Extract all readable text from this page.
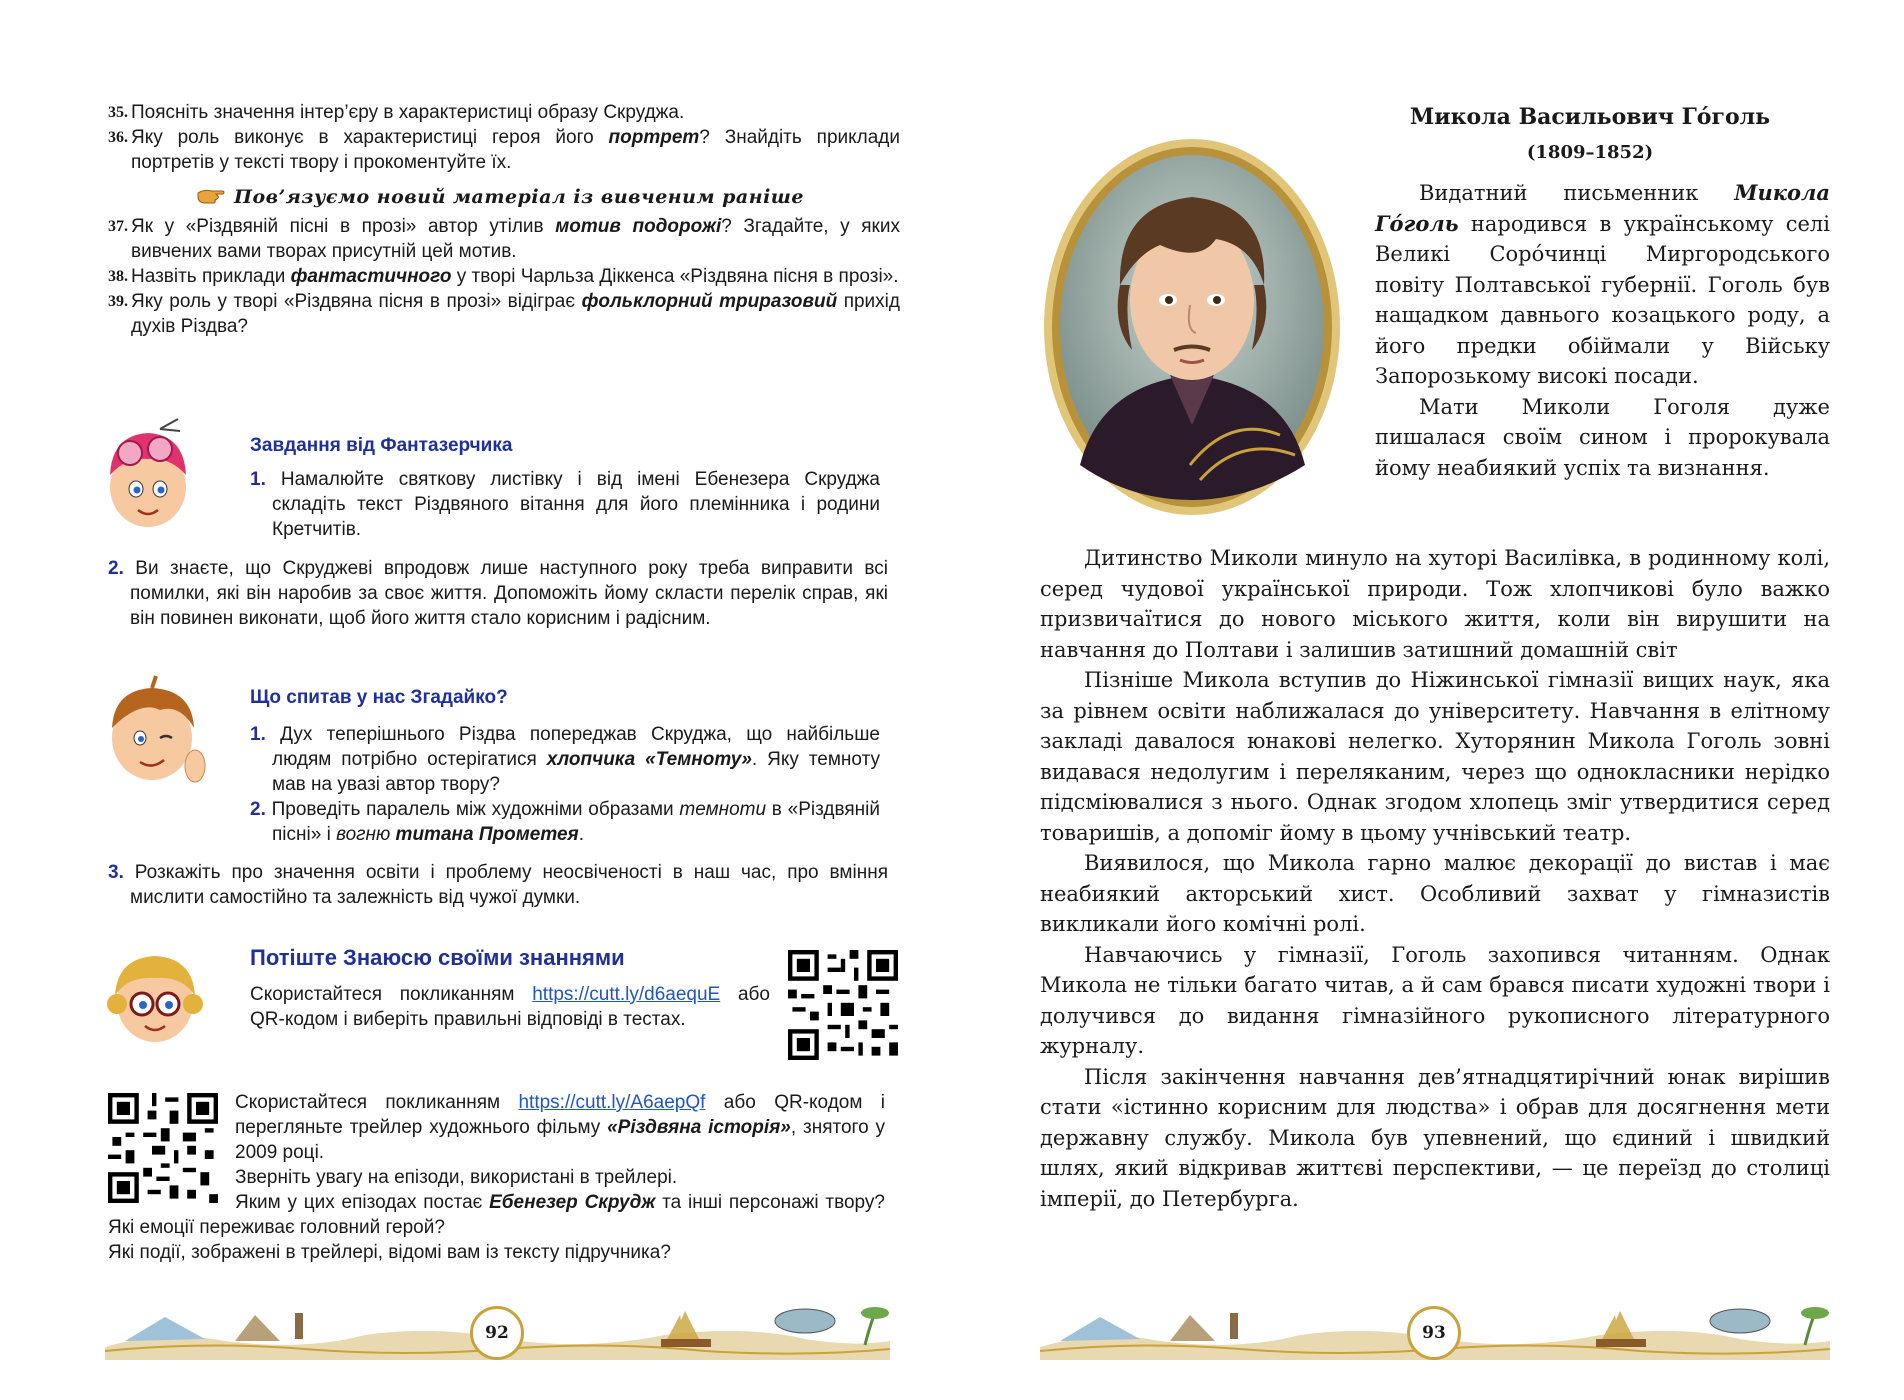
35. Поясніть значення інтер’єру в характеристиці образу Скруджа.
36. Яку роль виконує в характеристиці героя його портрет? Знайдіть приклади портретів у тексті твору і прокоментуйте їх.
Пов’язуємо новий матеріал із вивченим раніше
37. Як у «Різдвяній пісні в прозі» автор утілив мотив подорожі? Згадайте, у яких вивчених вами творах присутній цей мотив.
38. Назвіть приклади фантастичного у творі Чарльза Діккенса «Різдвяна пісня в прозі».
39. Яку роль у творі «Різдвяна пісня в прозі» відіграє фольклорний триразовий прихід духів Різдва?
Завдання від Фантазерчика
1. Намалюйте святкову листівку і від імені Ебенезера Скруджа складіть текст Різдвяного вітання для його племінника і родини Кретчитів.
2. Ви знаєте, що Скруджеві впродовж лише наступного року треба виправити всі помилки, які він наробив за своє життя. Допоможіть йому скласти перелік справ, які він повинен виконати, щоб його життя стало корисним і радісним.
Що спитав у нас Згадайко?
1. Дух теперішнього Різдва попереджав Скруджа, що найбільше людям потрібно остерігатися хлопчика «Темноту». Яку темноту мав на увазі автор твору?
2. Проведіть паралель між художніми образами темноти в «Різдвяній пісні» і вогню титана Прометея.
3. Розкажіть про значення освіти і проблему неосвіченості в наш час, про вміння мислити самостійно та залежність від чужої думки.
Потіште Знаюсю своїми знаннями
Скористайтеся покликанням https://cutt.ly/d6aequE або QR-кодом і виберіть правильні відповіді в тестах.
Скористайтеся покликанням https://cutt.ly/A6aepQf або QR-кодом і перегляньте трейлер художнього фільму «Різдвяна історія», знятого у 2009 році.
Зверніть увагу на епізоди, використані в трейлері.
Яким у цих епізодах постає Ебенезер Скрудж та інші персонажі твору? Які емоції переживає головний герой?
Які події, зображені в трейлері, відомі вам із тексту підручника?
92
Микола Васильович Гóголь
(1809–1852)

Видатний письменник Микола Гóголь народився в українському селі Великі Сорóчинці Миргородського повіту Полтавської губернії. Гоголь був нащадком давнього козацького роду, а його предки обіймали у Війську Запорозькому високі посади.

Мати Миколи Гоголя дуже пишалася своїм сином і пророкувала йому неабиякий успіх та визнання.

Дитинство Миколи минуло на хуторі Василівка, в родинному колі, серед чудової української природи. Тож хлопчикові було важко призвичаїтися до нового міського життя, коли він вирушити на навчання до Полтави і залишив затишний домашній світ

Пізніше Микола вступив до Ніжинської гімназії вищих наук, яка за рівнем освіти наближалася до університету. Навчання в елітному закладі давалося юнакові нелегко. Хуторянин Микола Гоголь зовні видавася недолугим і переляканим, через що однокласники нерідко підсміювалися з нього. Однак згодом хлопець зміг утвердитися серед товаришів, а допоміг йому в цьому учнівський театр.

Виявилося, що Микола гарно малює декорації до вистав і має неабиякий акторський хист. Особливий захват у гімназистів викликали його комічні ролі.

Навчаючись у гімназії, Гоголь захопився читанням. Однак Микола не тільки багато читав, а й сам брався писати художні твори і долучився до видання гімназійного рукописного літературного журналу.

Після закінчення навчання дев’ятнадцятирічний юнак вирішив стати «істинно корисним для людства» і обрав для досягнення мети державну службу. Микола був упевнений, що єдиний і швидкий шлях, який відкривав життєві перспективи, — це переїзд до столиці імперії, до Петербурга.

93
